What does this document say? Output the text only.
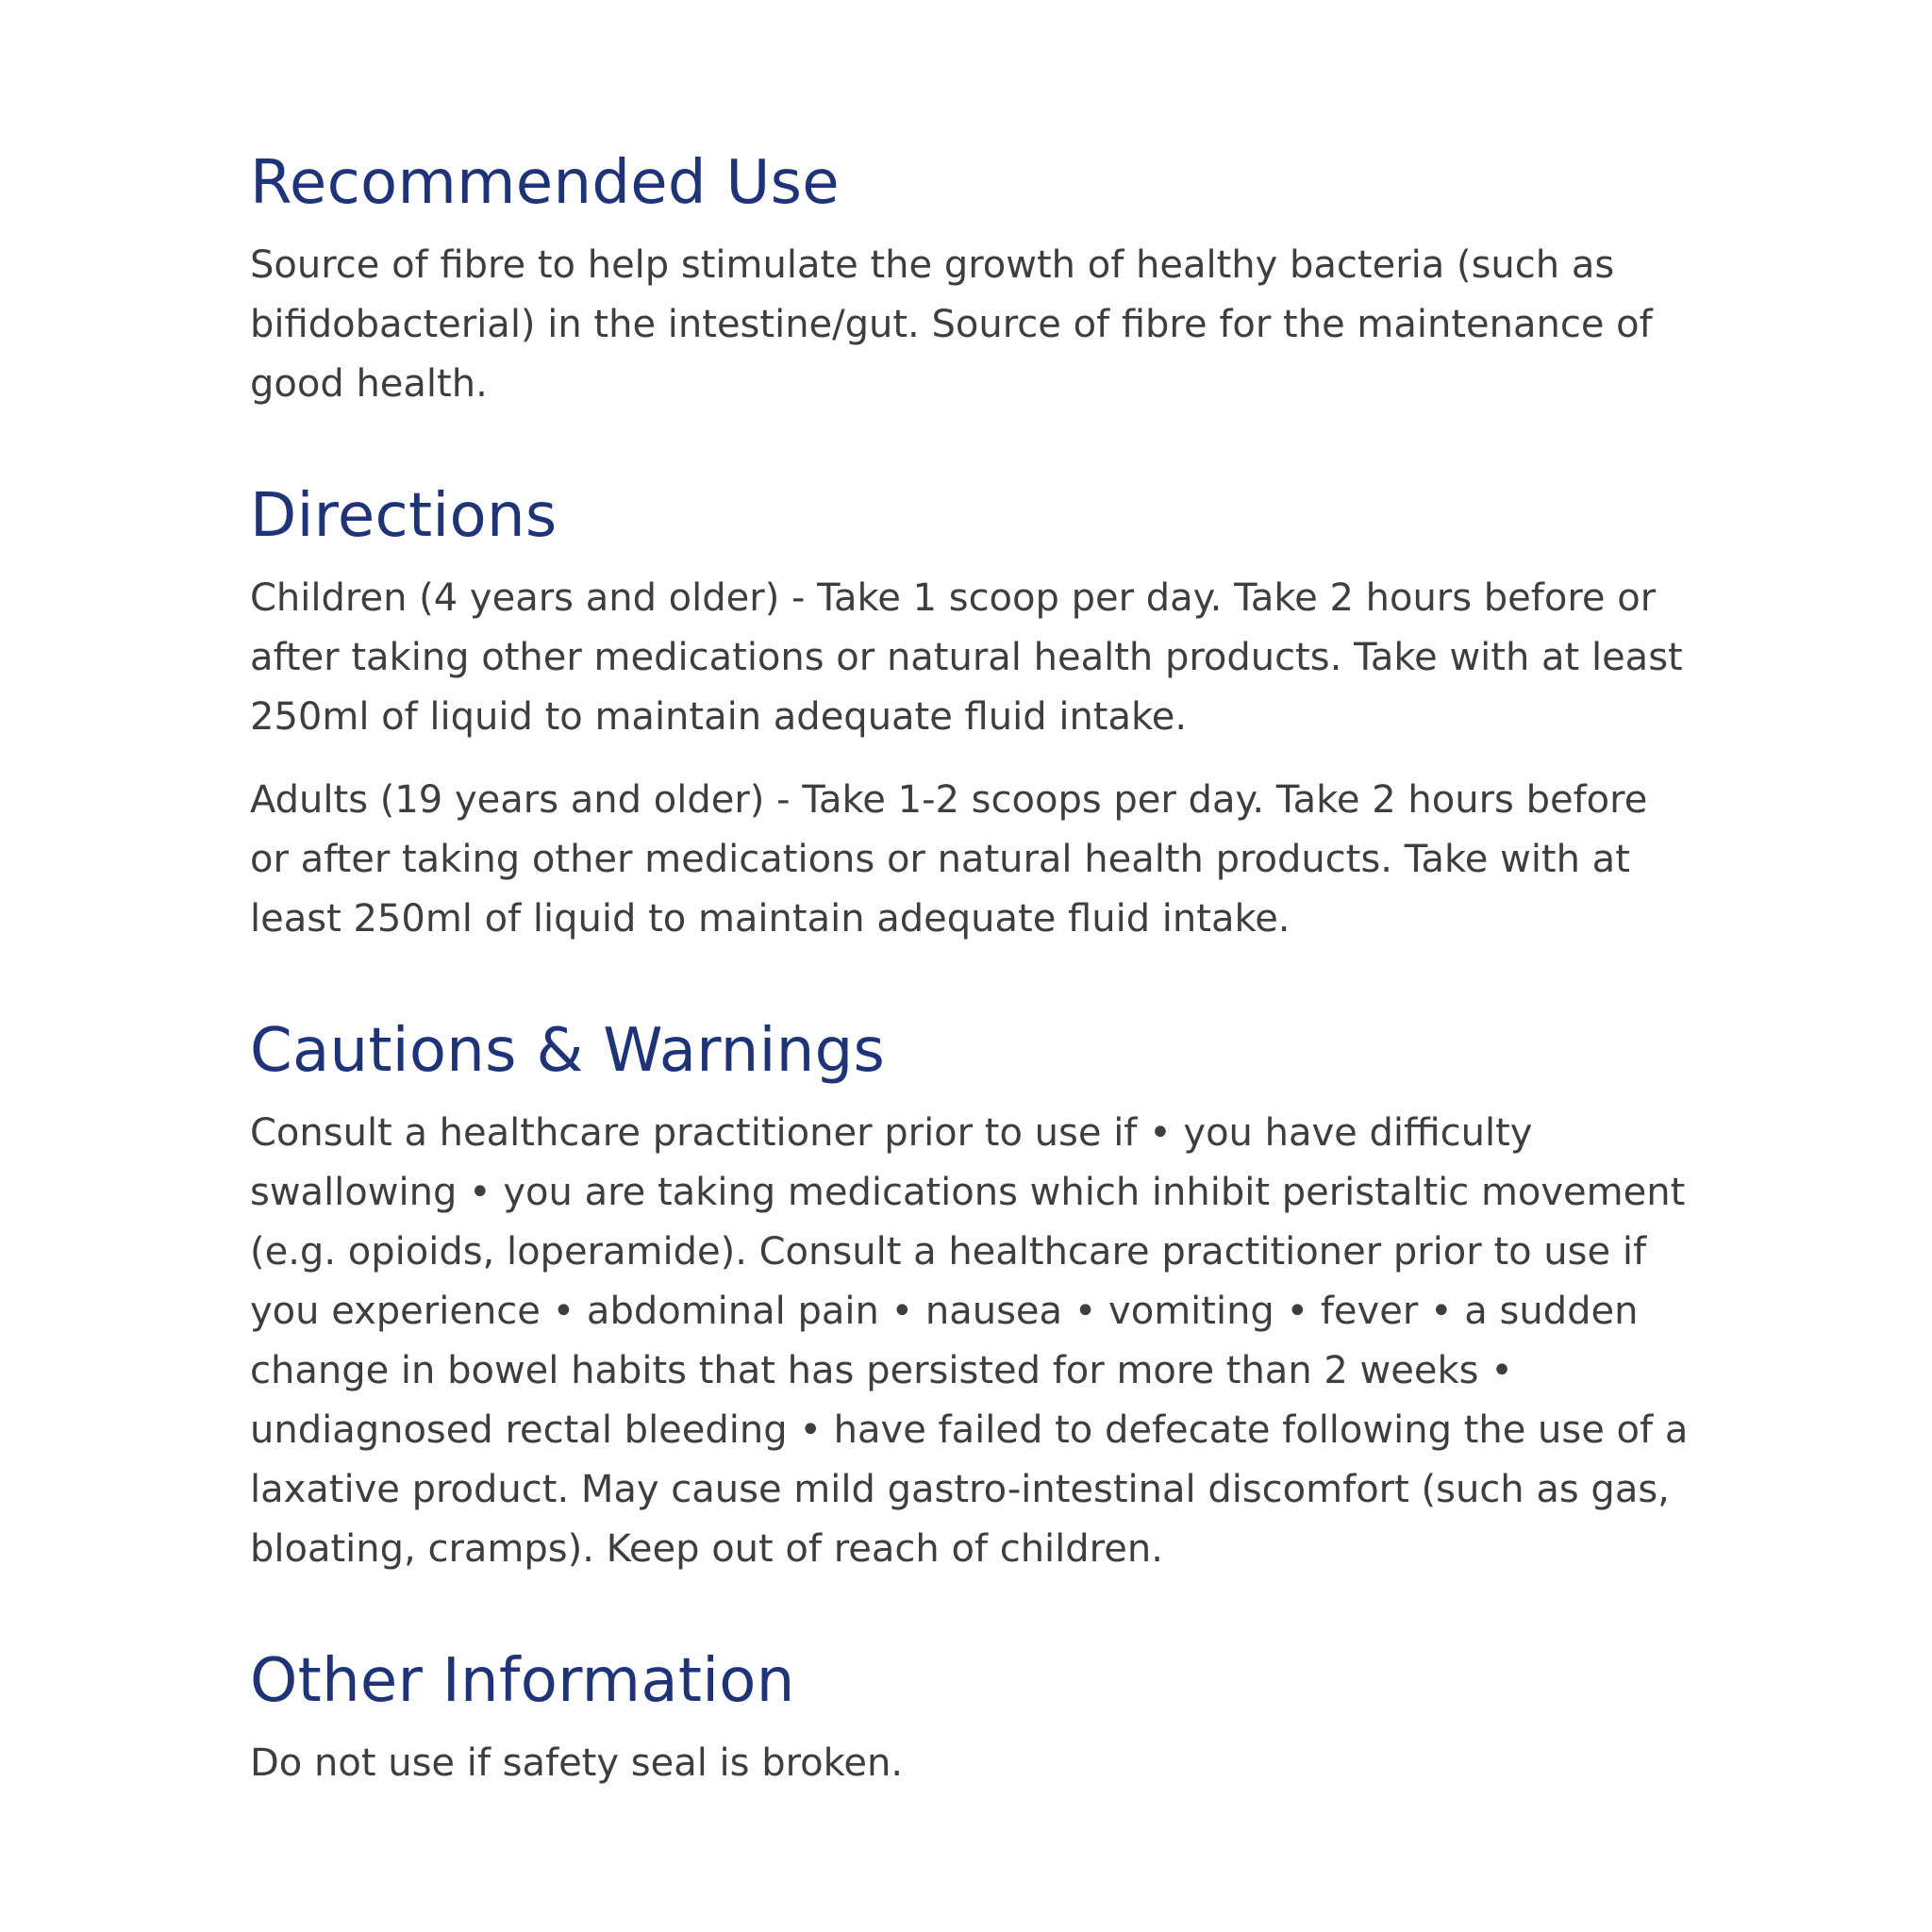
Recommended Use

Source of fibre to help stimulate the growth of healthy bacteria (such as bifidobacterial) in the intestine/gut. Source of fibre for the maintenance of good health.

Directions

Children (4 years and older) - Take 1 scoop per day. Take 2 hours before or after taking other medications or natural health products. Take with at least 250ml of liquid to maintain adequate fluid intake.

Adults (19 years and older) - Take 1-2 scoops per day. Take 2 hours before or after taking other medications or natural health products. Take with at least 250ml of liquid to maintain adequate fluid intake.

Cautions & Warnings

Consult a healthcare practitioner prior to use if • you have difficulty swallowing • you are taking medications which inhibit peristaltic movement (e.g. opioids, loperamide). Consult a healthcare practitioner prior to use if you experience • abdominal pain • nausea • vomiting • fever • a sudden change in bowel habits that has persisted for more than 2 weeks • undiagnosed rectal bleeding • have failed to defecate following the use of a laxative product. May cause mild gastro-intestinal discomfort (such as gas, bloating, cramps). Keep out of reach of children.

Other Information

Do not use if safety seal is broken.
